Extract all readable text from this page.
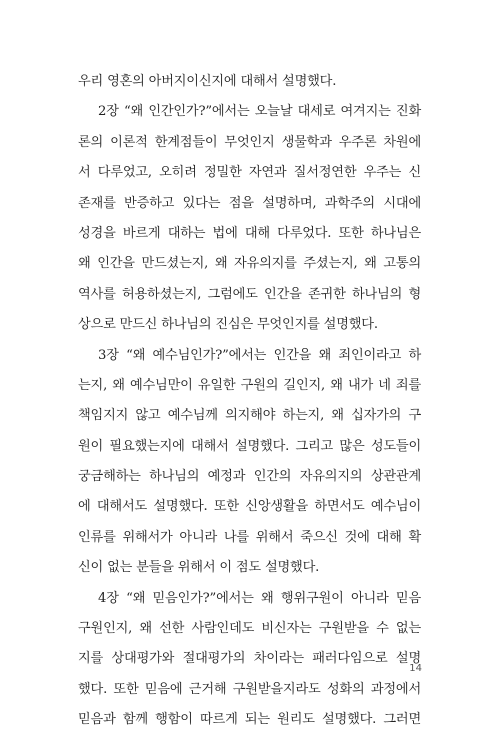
우리 영혼의 아버지이신지에 대해서 설명했다.
2장 “왜 인간인가?”에서는 오늘날 대세로 여겨지는 진화
론의 이론적 한계점들이 무엇인지 생물학과 우주론 차원에
서 다루었고, 오히려 정밀한 자연과 질서정연한 우주는 신
존재를 반증하고 있다는 점을 설명하며, 과학주의 시대에
성경을 바르게 대하는 법에 대해 다루었다. 또한 하나님은
왜 인간을 만드셨는지, 왜 자유의지를 주셨는지, 왜 고통의
역사를 허용하셨는지, 그럼에도 인간을 존귀한 하나님의 형
상으로 만드신 하나님의 진심은 무엇인지를 설명했다.
3장 “왜 예수님인가?”에서는 인간을 왜 죄인이라고 하
는지, 왜 예수님만이 유일한 구원의 길인지, 왜 내가 네 죄를
책임지지 않고 예수님께 의지해야 하는지, 왜 십자가의 구
원이 필요했는지에 대해서 설명했다. 그리고 많은 성도들이
궁금해하는 하나님의 예정과 인간의 자유의지의 상관관계
에 대해서도 설명했다. 또한 신앙생활을 하면서도 예수님이
인류를 위해서가 아니라 나를 위해서 죽으신 것에 대해 확
신이 없는 분들을 위해서 이 점도 설명했다.
4장 “왜 믿음인가?”에서는 왜 행위구원이 아니라 믿음
구원인지, 왜 선한 사람인데도 비신자는 구원받을 수 없는
지를 상대평가와 절대평가의 차이라는 패러다임으로 설명
했다. 또한 믿음에 근거해 구원받을지라도 성화의 과정에서
믿음과 함께 행함이 따르게 되는 원리도 설명했다. 그러면
14
